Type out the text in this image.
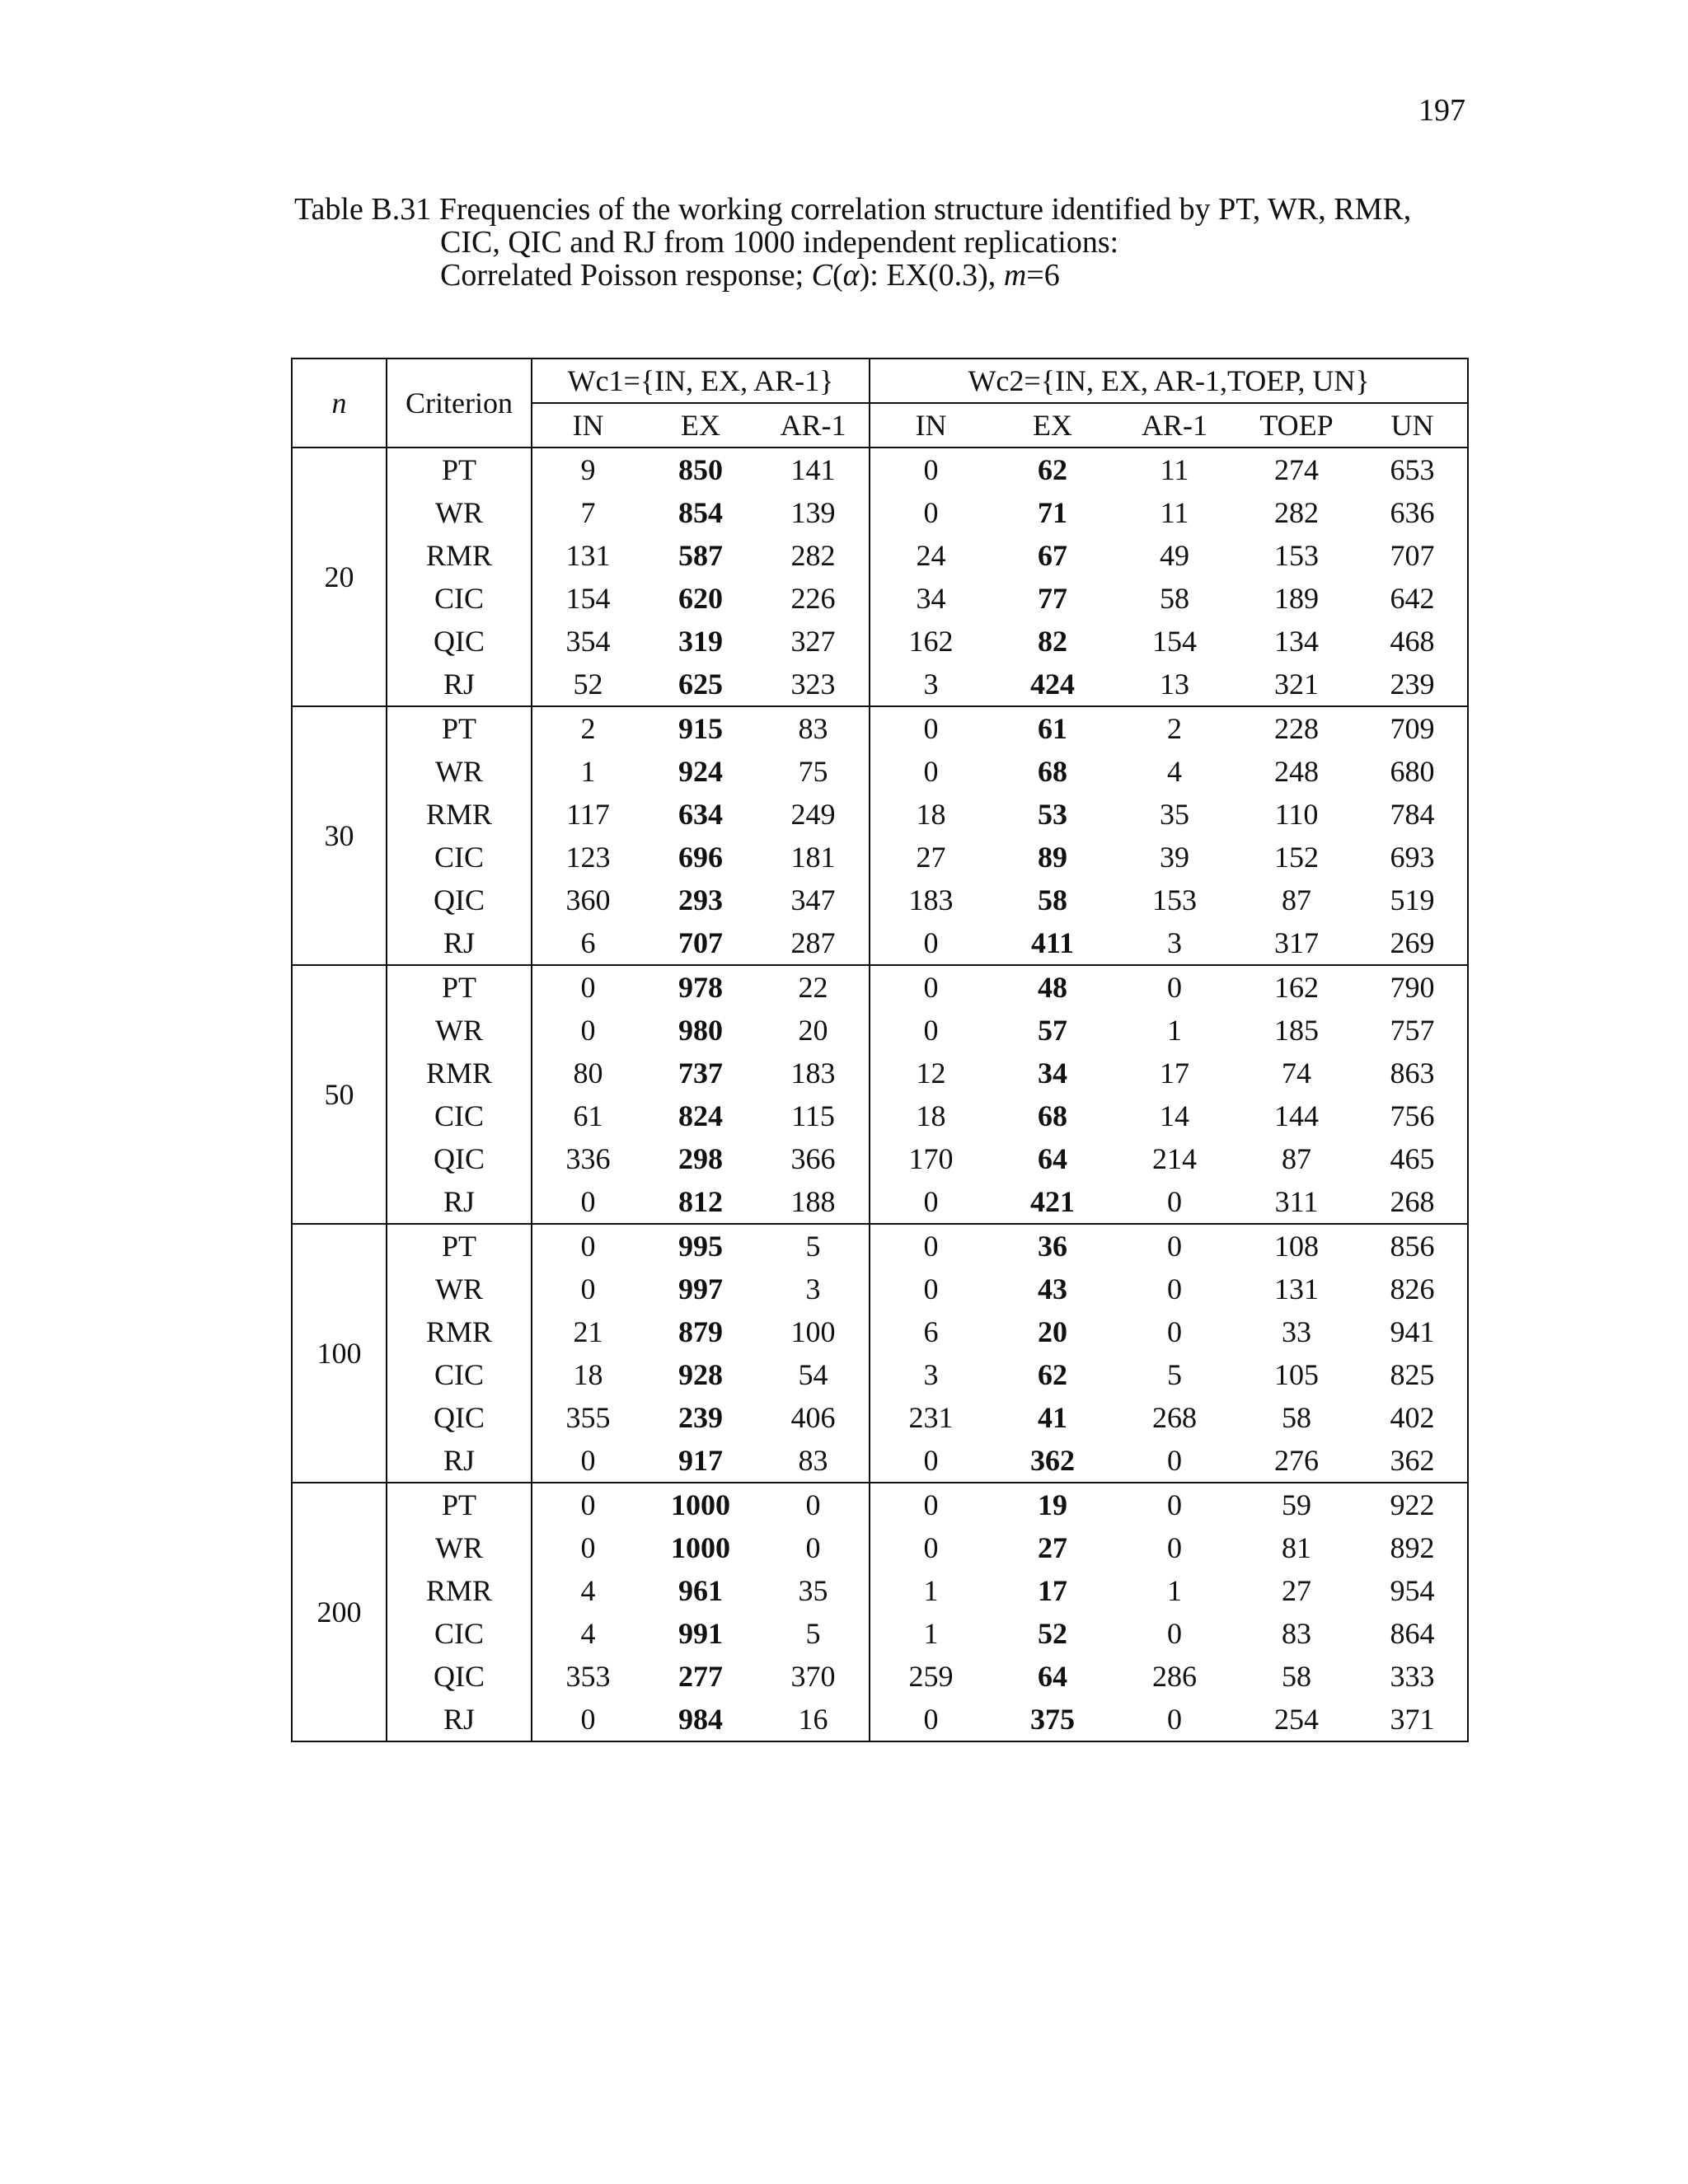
197
Table B.31 Frequencies of the working correlation structure identified by PT, WR, RMR,
CIC, QIC and RJ from 1000 independent replications:
Correlated Poisson response; C(α): EX(0.3), m=6
n	Criterion	Wc1={IN, EX, AR-1}			Wc2={IN, EX, AR-1,TOEP, UN}				
		IN	EX	AR-1	IN	EX	AR-1	TOEP	UN
20	PT	9	850	141	0	62	11	274	653
	WR	7	854	139	0	71	11	282	636
	RMR	131	587	282	24	67	49	153	707
	CIC	154	620	226	34	77	58	189	642
	QIC	354	319	327	162	82	154	134	468
	RJ	52	625	323	3	424	13	321	239
30	PT	2	915	83	0	61	2	228	709
	WR	1	924	75	0	68	4	248	680
	RMR	117	634	249	18	53	35	110	784
	CIC	123	696	181	27	89	39	152	693
	QIC	360	293	347	183	58	153	87	519
	RJ	6	707	287	0	411	3	317	269
50	PT	0	978	22	0	48	0	162	790
	WR	0	980	20	0	57	1	185	757
	RMR	80	737	183	12	34	17	74	863
	CIC	61	824	115	18	68	14	144	756
	QIC	336	298	366	170	64	214	87	465
	RJ	0	812	188	0	421	0	311	268
100	PT	0	995	5	0	36	0	108	856
	WR	0	997	3	0	43	0	131	826
	RMR	21	879	100	6	20	0	33	941
	CIC	18	928	54	3	62	5	105	825
	QIC	355	239	406	231	41	268	58	402
	RJ	0	917	83	0	362	0	276	362
200	PT	0	1000	0	0	19	0	59	922
	WR	0	1000	0	0	27	0	81	892
	RMR	4	961	35	1	17	1	27	954
	CIC	4	991	5	1	52	0	83	864
	QIC	353	277	370	259	64	286	58	333
	RJ	0	984	16	0	375	0	254	371
